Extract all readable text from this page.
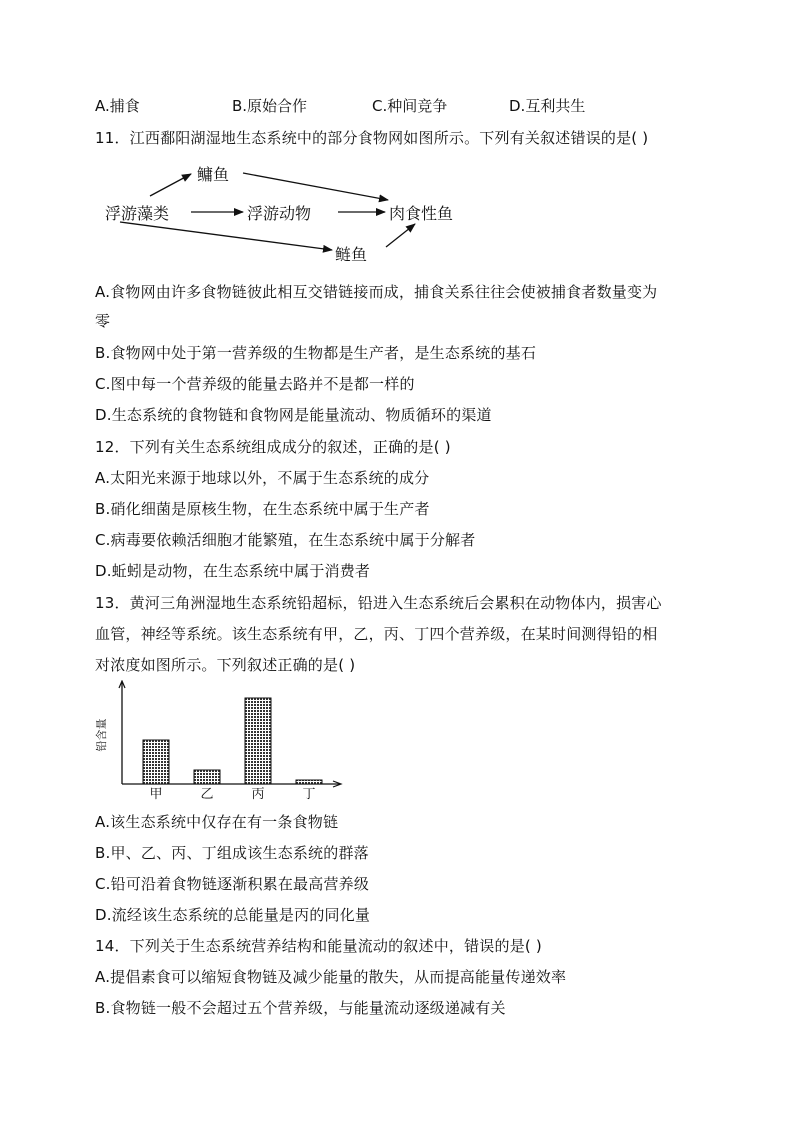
A.捕食	B.原始合作	C.种间竞争	D.互利共生
11．江西鄱阳湖湿地生态系统中的部分食物网如图所示。下列有关叙述错误的是( )
鳙鱼
浮游藻类	浮游动物	肉食性鱼
鲢鱼
A.食物网由许多食物链彼此相互交错链接而成，捕食关系往往会使被捕食者数量变为
零
B.食物网中处于第一营养级的生物都是生产者，是生态系统的基石
C.图中每一个营养级的能量去路并不是都一样的
D.生态系统的食物链和食物网是能量流动、物质循环的渠道
12．下列有关生态系统组成成分的叙述，正确的是( )
A.太阳光来源于地球以外，不属于生态系统的成分
B.硝化细菌是原核生物，在生态系统中属于生产者
C.病毒要依赖活细胞才能繁殖，在生态系统中属于分解者
D.蚯蚓是动物，在生态系统中属于消费者
13．黄河三角洲湿地生态系统铅超标，铅进入生态系统后会累积在动物体内，损害心
血管，神经等系统。该生态系统有甲，乙，丙、丁四个营养级，在某时间测得铅的相
对浓度如图所示。下列叙述正确的是( )
铅含量
甲	乙	丙	丁
A.该生态系统中仅存在有一条食物链
B.甲、乙、丙、丁组成该生态系统的群落
C.铅可沿着食物链逐渐积累在最高营养级
D.流经该生态系统的总能量是丙的同化量
14．下列关于生态系统营养结构和能量流动的叙述中，错误的是( )
A.提倡素食可以缩短食物链及减少能量的散失，从而提高能量传递效率
B.食物链一般不会超过五个营养级，与能量流动逐级递减有关
